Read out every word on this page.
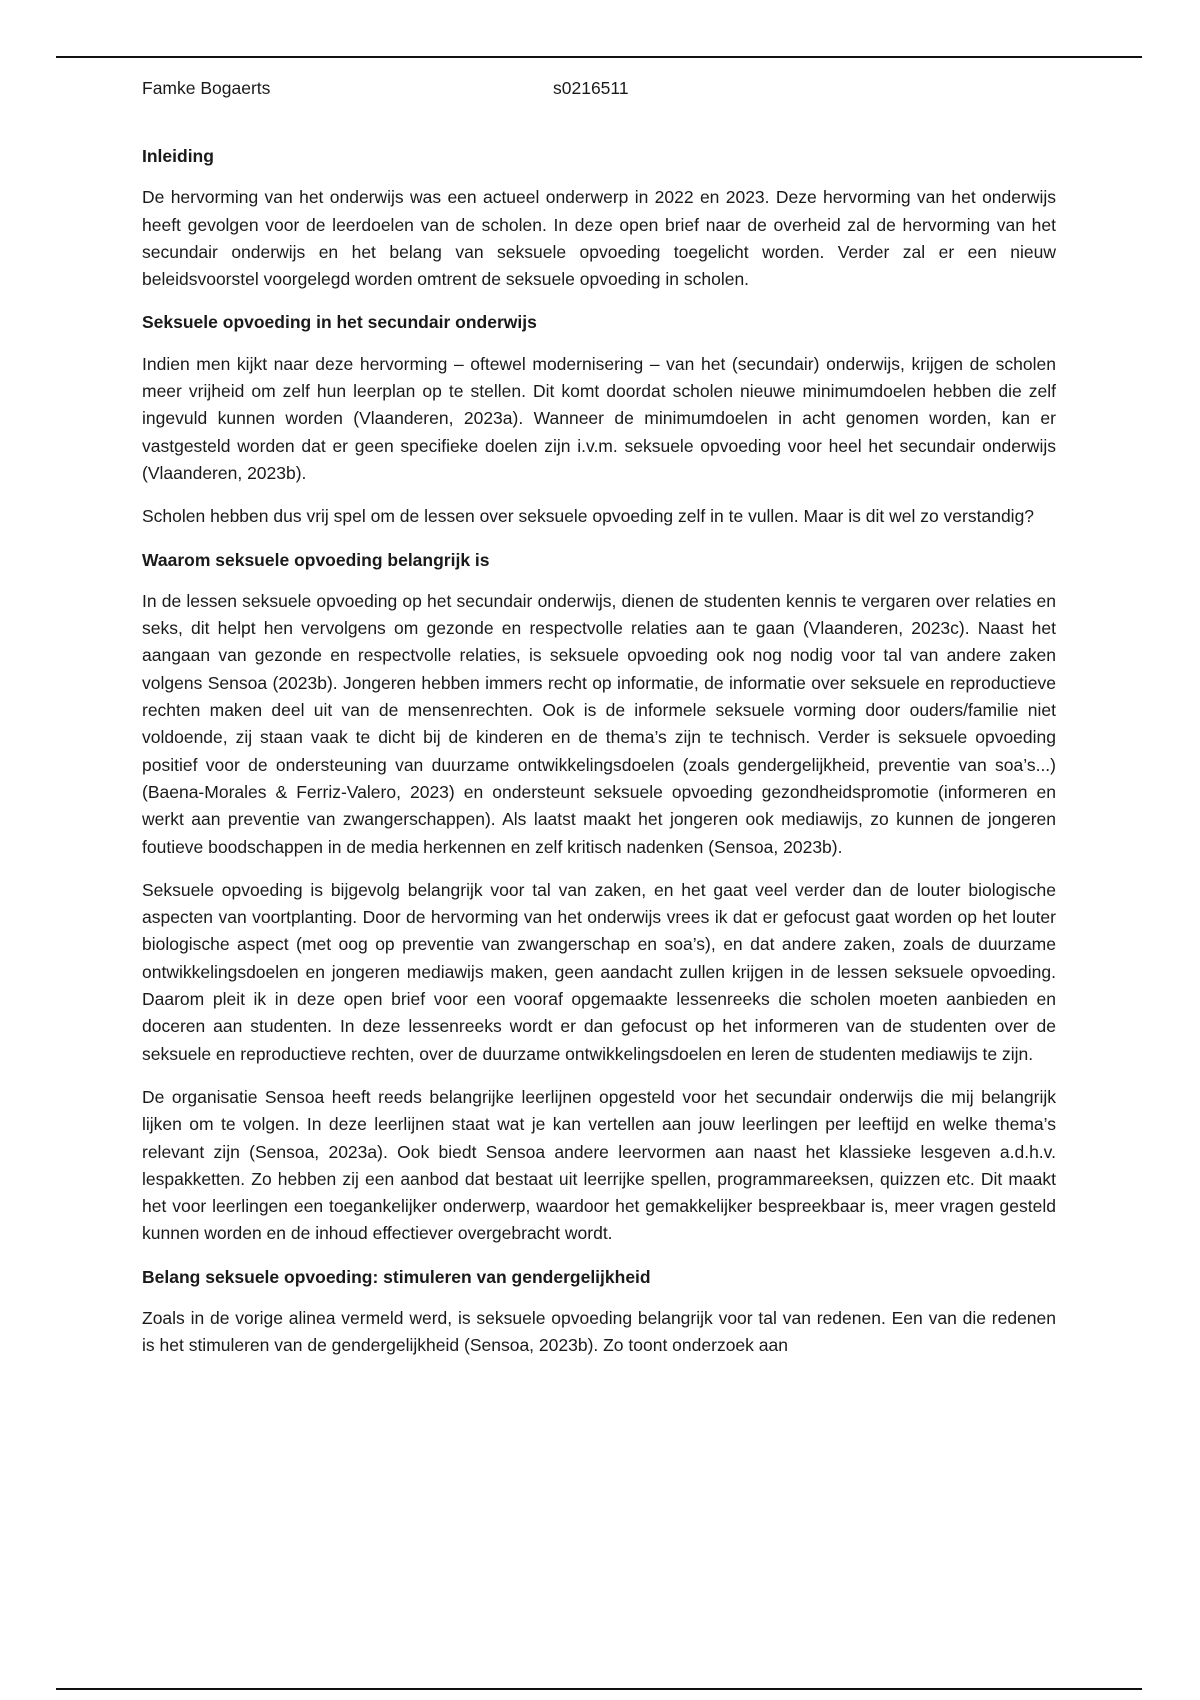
Famke Bogaerts	s0216511
Inleiding

De hervorming van het onderwijs was een actueel onderwerp in 2022 en 2023. Deze hervorming van het onderwijs heeft gevolgen voor de leerdoelen van de scholen. In deze open brief naar de overheid zal de hervorming van het secundair onderwijs en het belang van seksuele opvoeding toegelicht worden. Verder zal er een nieuw beleidsvoorstel voorgelegd worden omtrent de seksuele opvoeding in scholen.

Seksuele opvoeding in het secundair onderwijs

Indien men kijkt naar deze hervorming – oftewel modernisering – van het (secundair) onderwijs, krijgen de scholen meer vrijheid om zelf hun leerplan op te stellen. Dit komt doordat scholen nieuwe minimumdoelen hebben die zelf ingevuld kunnen worden (Vlaanderen, 2023a). Wanneer de minimumdoelen in acht genomen worden, kan er vastgesteld worden dat er geen specifieke doelen zijn i.v.m. seksuele opvoeding voor heel het secundair onderwijs (Vlaanderen, 2023b).

Scholen hebben dus vrij spel om de lessen over seksuele opvoeding zelf in te vullen. Maar is dit wel zo verstandig?

Waarom seksuele opvoeding belangrijk is

In de lessen seksuele opvoeding op het secundair onderwijs, dienen de studenten kennis te vergaren over relaties en seks, dit helpt hen vervolgens om gezonde en respectvolle relaties aan te gaan (Vlaanderen, 2023c). Naast het aangaan van gezonde en respectvolle relaties, is seksuele opvoeding ook nog nodig voor tal van andere zaken volgens Sensoa (2023b). Jongeren hebben immers recht op informatie, de informatie over seksuele en reproductieve rechten maken deel uit van de mensenrechten. Ook is de informele seksuele vorming door ouders/familie niet voldoende, zij staan vaak te dicht bij de kinderen en de thema’s zijn te technisch. Verder is seksuele opvoeding positief voor de ondersteuning van duurzame ontwikkelingsdoelen (zoals gendergelijkheid, preventie van soa’s...) (Baena-Morales & Ferriz-Valero, 2023) en ondersteunt seksuele opvoeding gezondheidspromotie (informeren en werkt aan preventie van zwangerschappen). Als laatst maakt het jongeren ook mediawijs, zo kunnen de jongeren foutieve boodschappen in de media herkennen en zelf kritisch nadenken (Sensoa, 2023b).

Seksuele opvoeding is bijgevolg belangrijk voor tal van zaken, en het gaat veel verder dan de louter biologische aspecten van voortplanting. Door de hervorming van het onderwijs vrees ik dat er gefocust gaat worden op het louter biologische aspect (met oog op preventie van zwangerschap en soa’s), en dat andere zaken, zoals de duurzame ontwikkelingsdoelen en jongeren mediawijs maken, geen aandacht zullen krijgen in de lessen seksuele opvoeding. Daarom pleit ik in deze open brief voor een vooraf opgemaakte lessenreeks die scholen moeten aanbieden en doceren aan studenten. In deze lessenreeks wordt er dan gefocust op het informeren van de studenten over de seksuele en reproductieve rechten, over de duurzame ontwikkelingsdoelen en leren de studenten mediawijs te zijn.

De organisatie Sensoa heeft reeds belangrijke leerlijnen opgesteld voor het secundair onderwijs die mij belangrijk lijken om te volgen. In deze leerlijnen staat wat je kan vertellen aan jouw leerlingen per leeftijd en welke thema’s relevant zijn (Sensoa, 2023a). Ook biedt Sensoa andere leervormen aan naast het klassieke lesgeven a.d.h.v. lespakketten. Zo hebben zij een aanbod dat bestaat uit leerrijke spellen, programmareeksen, quizzen etc. Dit maakt het voor leerlingen een toegankelijker onderwerp, waardoor het gemakkelijker bespreekbaar is, meer vragen gesteld kunnen worden en de inhoud effectiever overgebracht wordt.

Belang seksuele opvoeding: stimuleren van gendergelijkheid

Zoals in de vorige alinea vermeld werd, is seksuele opvoeding belangrijk voor tal van redenen. Een van die redenen is het stimuleren van de gendergelijkheid (Sensoa, 2023b). Zo toont onderzoek aan
